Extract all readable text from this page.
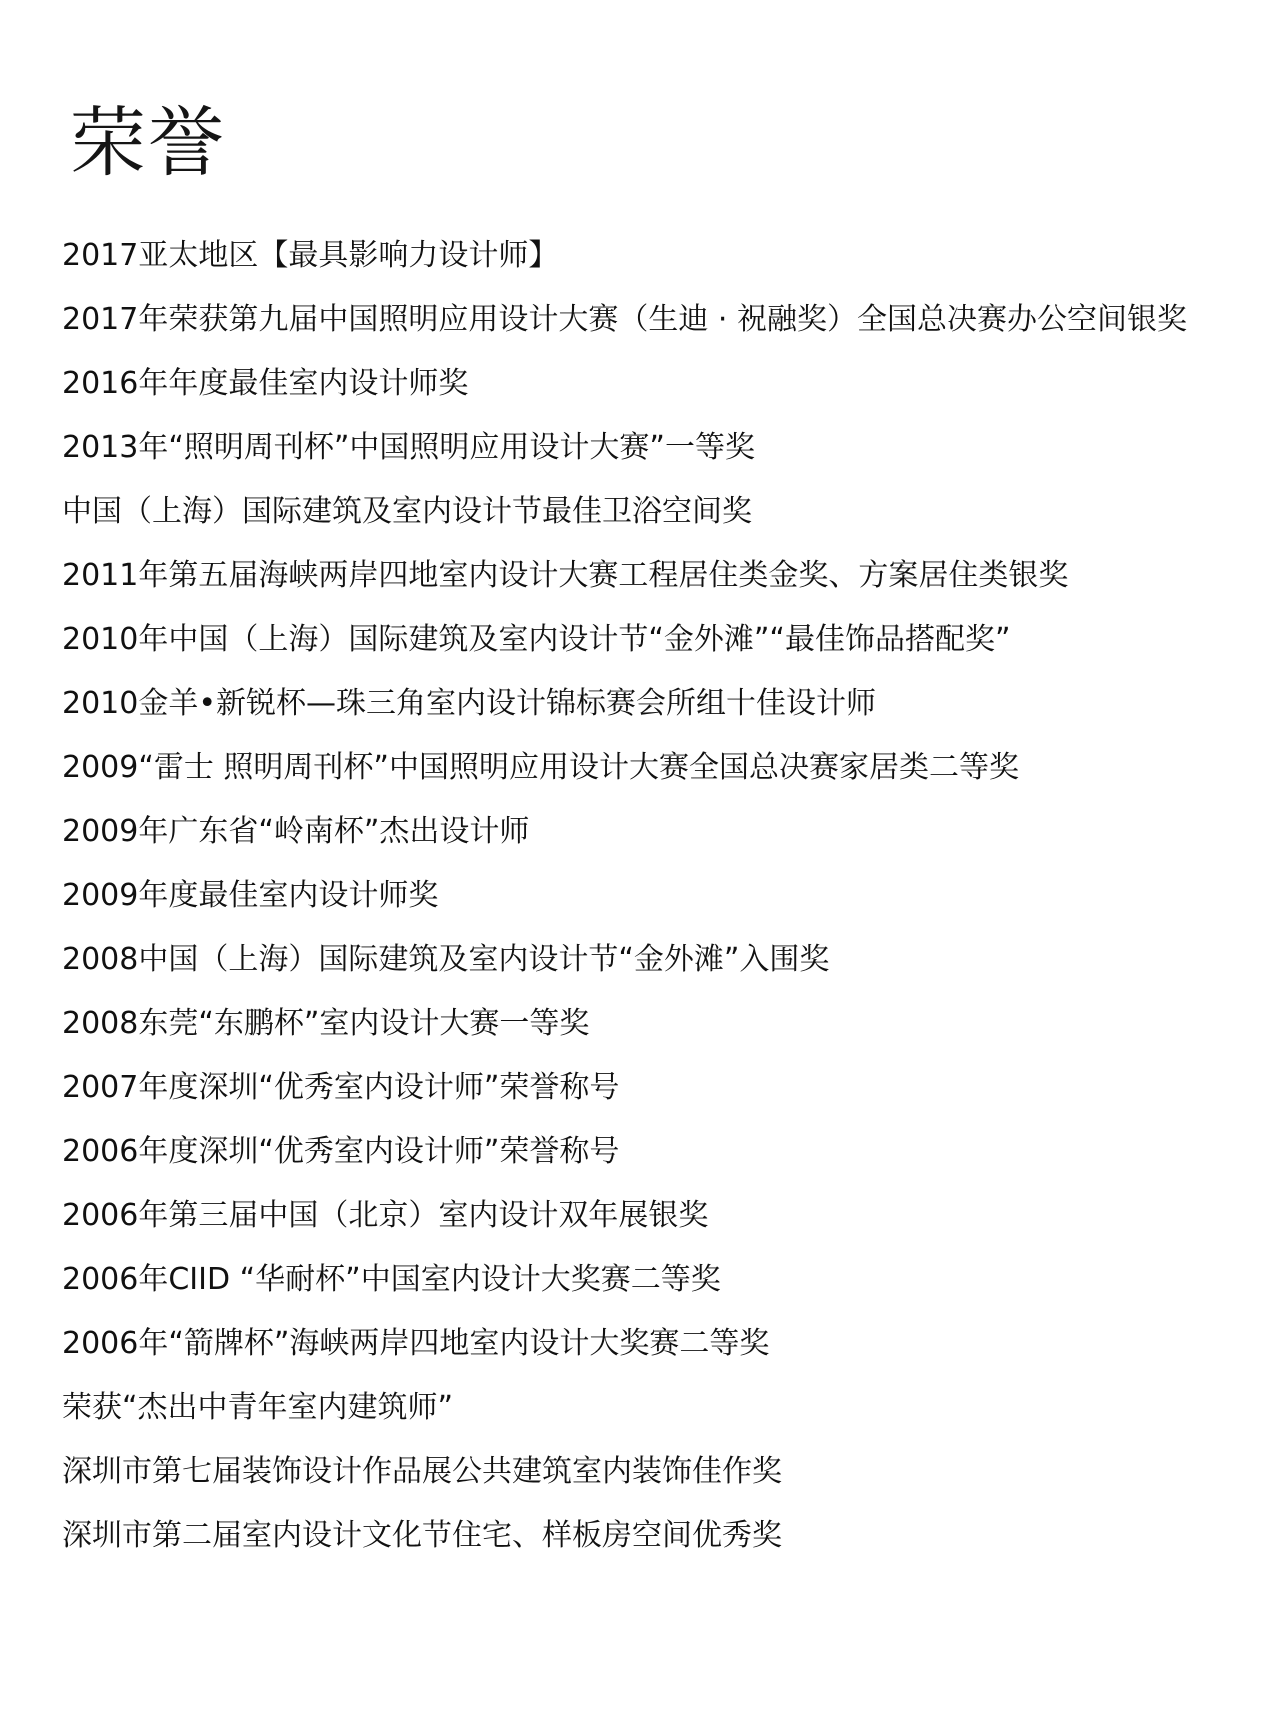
荣誉
2017亚太地区【最具影响力设计师】
2017年荣获第九届中国照明应用设计大赛（生迪 · 祝融奖）全国总决赛办公空间银奖
2016年年度最佳室内设计师奖
2013年“照明周刊杯”中国照明应用设计大赛”一等奖
中国（上海）国际建筑及室内设计节最佳卫浴空间奖
2011年第五届海峡两岸四地室内设计大赛工程居住类金奖、方案居住类银奖
2010年中国（上海）国际建筑及室内设计节“金外滩”“最佳饰品搭配奖”
2010金羊•新锐杯—珠三角室内设计锦标赛会所组十佳设计师
2009“雷士 照明周刊杯”中国照明应用设计大赛全国总决赛家居类二等奖
2009年广东省“岭南杯”杰出设计师
2009年度最佳室内设计师奖
2008中国（上海）国际建筑及室内设计节“金外滩”入围奖
2008东莞“东鹏杯”室内设计大赛一等奖
2007年度深圳“优秀室内设计师”荣誉称号
2006年度深圳“优秀室内设计师”荣誉称号
2006年第三届中国（北京）室内设计双年展银奖
2006年CIID “华耐杯”中国室内设计大奖赛二等奖
2006年“箭牌杯”海峡两岸四地室内设计大奖赛二等奖
荣获“杰出中青年室内建筑师”
深圳市第七届装饰设计作品展公共建筑室内装饰佳作奖
深圳市第二届室内设计文化节住宅、样板房空间优秀奖
